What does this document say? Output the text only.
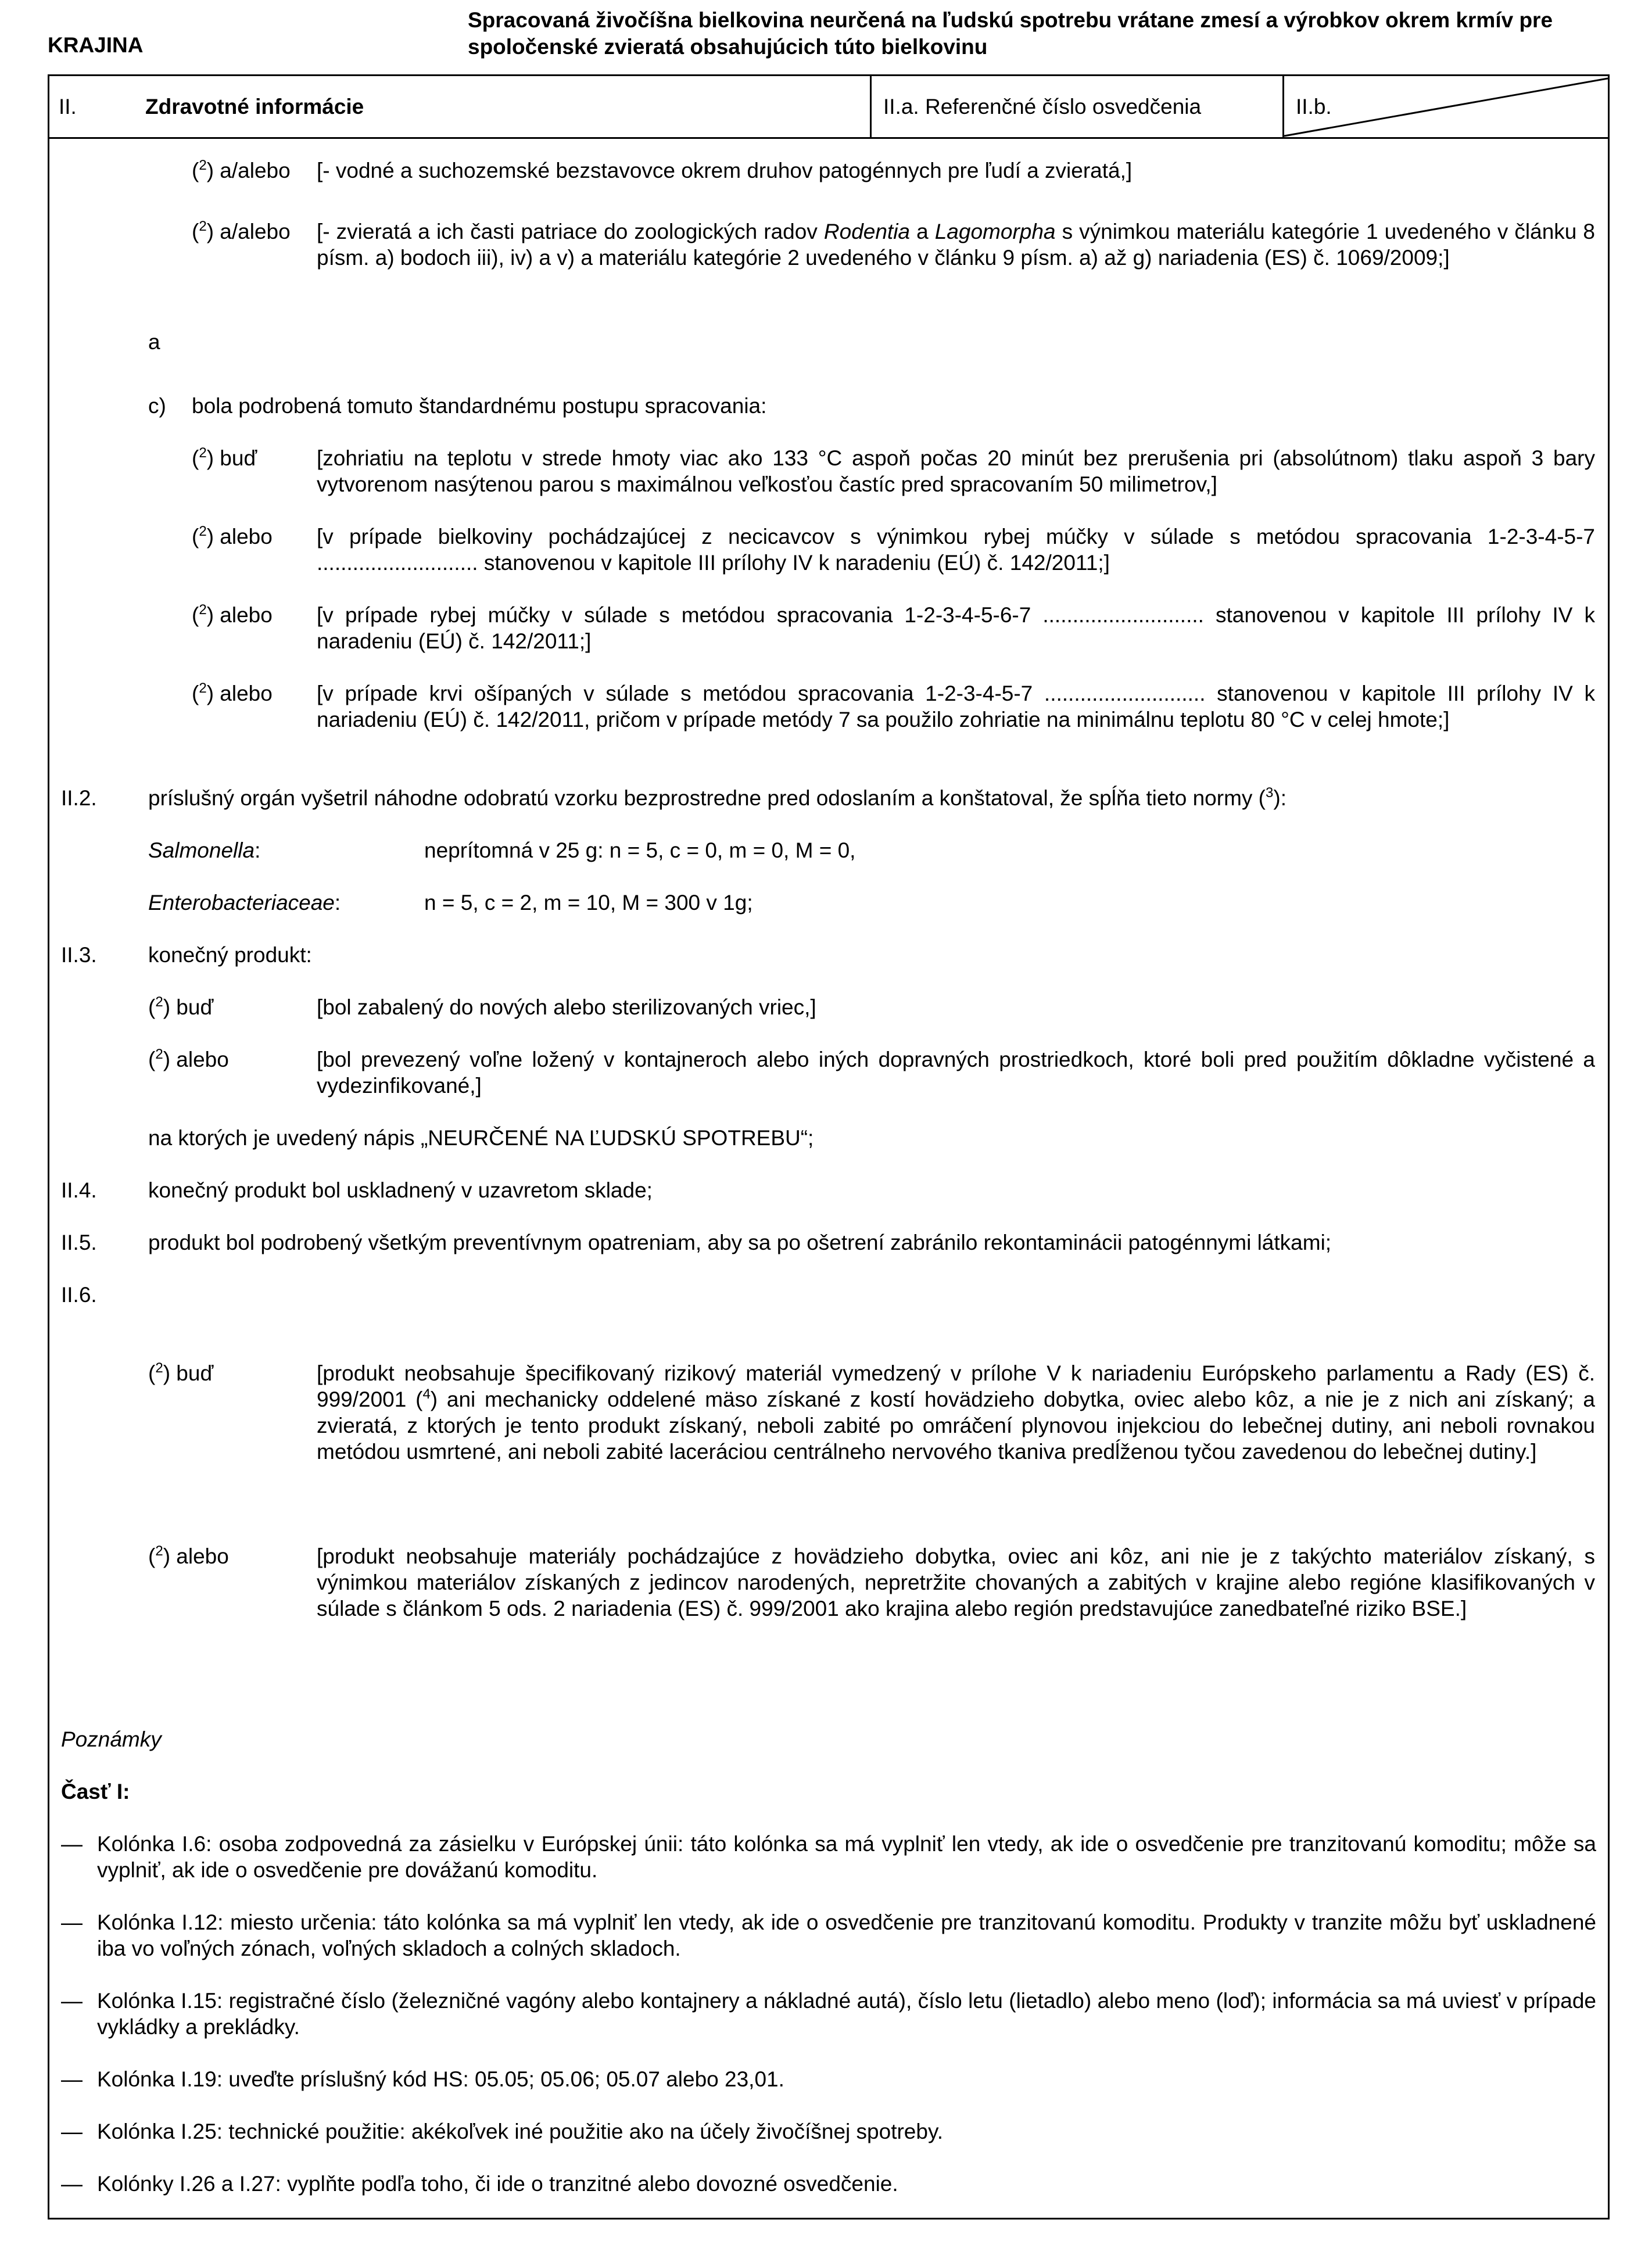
KRAJINA
Spracovaná živočíšna bielkovina neurčená na ľudskú spotrebu vrátane zmesí a výrobkov okrem krmív pre spoločenské zvieratá obsahujúcich túto bielkovinu
II.	Zdravotné informácie	II.a. Referenčné číslo osvedčenia	II.b.
($^2$) a/alebo [- vodné a suchozemské bezstavovce okrem druhov patogénnych pre ľudí a zvieratá,]
($^2$) a/alebo [- zvieratá a ich časti patriace do zoologických radov Rodentia a Lagomorpha s výnimkou materiálu kategórie 1 uvedeného v článku 8 písm. a) bodoch iii), iv) a v) a materiálu kategórie 2 uvedeného v článku 9 písm. a) až g) nariadenia (ES) č. 1069/2009;]
a
c) bola podrobená tomuto štandardnému postupu spracovania:
($^2$) buď	[zohriatiu na teplotu v strede hmoty viac ako 133 °C aspoň počas 20 minút bez prerušenia pri (absolútnom) tlaku aspoň 3 bary vytvorenom nasýtenou parou s maximálnou veľkosťou častíc pred spracovaním 50 milimetrov,]
($^2$) alebo [v prípade bielkoviny pochádzajúcej z necicavcov s výnimkou rybej múčky v súlade s metódou spracovania 1-2-3-4-5-7 ........................... stanovenou v kapitole III prílohy IV k naradeniu (EÚ) č. 142/2011;]
($^2$) alebo [v prípade rybej múčky v súlade s metódou spracovania 1-2-3-4-5-6-7 ........................... stanovenou v kapitole III prílohy IV k naradeniu (EÚ) č. 142/2011;]
($^2$) alebo [v prípade krvi ošípaných v súlade s metódou spracovania 1-2-3-4-5-7 ........................... stanovenou v kapitole III prílohy IV k nariadeniu (EÚ) č. 142/2011, pričom v prípade metódy 7 sa použilo zohriatie na minimálnu teplotu 80 °C v celej hmote;]
II.2. príslušný orgán vyšetril náhodne odobratú vzorku bezprostredne pred odoslaním a konštatoval, že spĺňa tieto normy ($^3$):
Salmonella:	neprítomná v 25 g: n = 5, c = 0, m = 0, M = 0,
Enterobacteriaceae:	n = 5, c = 2, m = 10, M = 300 v 1g;
II.3. konečný produkt:
($^2$) buď	[bol zabalený do nových alebo sterilizovaných vriec,]
($^2$) alebo	[bol prevezený voľne ložený v kontajneroch alebo iných dopravných prostriedkoch, ktoré boli pred použitím dôkladne vyčistené a vydezinfikované,]
na ktorých je uvedený nápis „NEURČENÉ NA ĽUDSKÚ SPOTREBU“;
II.4. konečný produkt bol uskladnený v uzavretom sklade;
II.5. produkt bol podrobený všetkým preventívnym opatreniam, aby sa po ošetrení zabránilo rekontaminácii patogénnymi látkami;
II.6.
($^2$) buď	[produkt neobsahuje špecifikovaný rizikový materiál vymedzený v prílohe V k nariadeniu Európskeho parlamentu a Rady (ES) č. 999/2001 ($^4$) ani mechanicky oddelené mäso získané z kostí hovädzieho dobytka, oviec alebo kôz, a nie je z nich ani získaný; a zvieratá, z ktorých je tento produkt získaný, neboli zabité po omráčení plynovou injekciou do lebečnej dutiny, ani neboli rovnakou metódou usmrtené, ani neboli zabité laceráciou centrálneho nervového tkaniva predĺženou tyčou zavedenou do lebečnej dutiny.]
($^2$) alebo	[produkt neobsahuje materiály pochádzajúce z hovädzieho dobytka, oviec ani kôz, ani nie je z takýchto materiálov získaný, s výnimkou materiálov získaných z jedincov narodených, nepretržite chovaných a zabitých v krajine alebo regióne klasifikovaných v súlade s článkom 5 ods. 2 nariadenia (ES) č. 999/2001 ako krajina alebo región predstavujúce zanedbateľné riziko BSE.]
Poznámky
Časť I:
— Kolónka I.6: osoba zodpovedná za zásielku v Európskej únii: táto kolónka sa má vyplniť len vtedy, ak ide o osvedčenie pre tranzitovanú komoditu; môže sa vyplniť, ak ide o osvedčenie pre dovážanú komoditu.
— Kolónka I.12: miesto určenia: táto kolónka sa má vyplniť len vtedy, ak ide o osvedčenie pre tranzitovanú komoditu. Produkty v tranzite môžu byť uskladnené iba vo voľných zónach, voľných skladoch a colných skladoch.
— Kolónka I.15: registračné číslo (železničné vagóny alebo kontajnery a nákladné autá), číslo letu (lietadlo) alebo meno (loď); informácia sa má uviesť v prípade vykládky a prekládky.
— Kolónka I.19: uveďte príslušný kód HS: 05.05; 05.06; 05.07 alebo 23,01.
— Kolónka I.25: technické použitie: akékoľvek iné použitie ako na účely živočíšnej spotreby.
— Kolónky I.26 a I.27: vyplňte podľa toho, či ide o tranzitné alebo dovozné osvedčenie.
